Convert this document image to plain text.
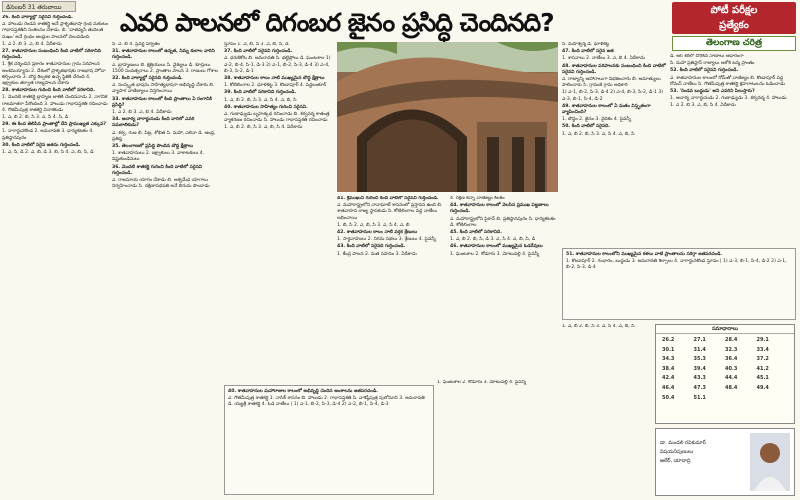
డిసెంబర్ 31 తరువాయి
ఎవరి పాలనలో దిగంబర జైనం ప్రసిద్ధి చెందినది?	పోటీ పరీక్షల
ప్రత్యేకం
తెలంగాణ చరిత్ర

26. కింది వాక్యాల్లో సరైనవి గుర్తించండి.

ఎ. హాలుడు రెండవ శాతకర్ణి అనే ప్రాకృతభాషా గ్రంథ మకుటం గాథాసప్తశతిని సంకలనం చేశాడు. బి. 'దాతవ్యసి తుదిలత సుఖం' అనే గ్రంథం ఆంధ్రుల పాలనలో వెలువడింది.

1. ఎ 2. బి 3. ఎ, బి 4. ఏదీకాదు

27. శాతవాహనుల సంబంధించి కింది వాటిలో సరికానిది గుర్తించండి.

1. శ్రీక దర్శించిన ప్రకారం శాతవాహనుల గ్రామ పరిపాలన అంశమయ్యాను 2. దేశంలో ప్రాకృతభాషకు రాజభాష హోదా కల్పించారు 3. బౌద్ధ శిల్పకళ ఉచ్ఛ స్థితికి చేరింది 4. ఇక్ష్వాకుల తర్వాత రాజ్యపాలన చేశారు

28. శాతవాహనుల గురించి కింది వాటిలో సరికానిది.

1. మొదటి శాతకర్ణి బ్రాహ్మణ జాతికి చెందినవాడు 2. నాగనిక రాజమాతగా పేరొందింది 3. హాలుడు గాథాసప్తశతి రచించాడు 4. గౌతమీపుత్ర శాతకర్ణి వినాశకుడు

1. ఎ, బి 2. బి, సి 3. ఎ, సి 4. సి, డి

29. ఈ కింద తెలిపిన ప్రాంతాల్లో దేని ప్రాముఖ్యత ఎక్కువ?

1. నాగార్జునకొండ 2. అమరావతి 3. ధాన్యకటకం 4. ప్రతిష్ఠానపురం

30. కింది వాటిలో సరైన జతను గుర్తించండి.

1. ఎ, సి, డి 2. ఎ, బి, డి 3. బి, సి 4. ఎ, బి, సి, డి

సి. ఎ. బి 4. ప్రవర్ణ పర్వతం

31. శాతవాహనుల కాలంలో ఉన్నత, నిమ్న కులాల వారిని గుర్తించండి.

ఎ. బ్రాహ్మణులు బి. క్షత్రియులు సి. వైశ్యులు డి. శూద్రులు 1500 సంవత్సరాలు 2. ప్రాంతాల పాలన 3. రాణులు గోశాల

32. కింది వాక్యాల్లో సరైనది గుర్తించండి.

ఎ. సంస్కృత భాషను సాహిత్యభాషగా అభివృద్ధి చేశారు బి. వ్యాపార వాణిజ్యాలు విస్తరించాయి

33. శాతవాహనుల కాలంలో కింది ప్రాంతాలు ఏ రంగానికి ప్రసిద్ధి?

1. ఎ 2. బి 3. ఎ, బి 4. ఏదీకాదు

34. ఆచార్య నాగార్జునుడు కింది వారిలో ఎవరి సమకాలికుడు?

ఎ. శర్వ, గుణ బి. పిట్ర, శోభిత సి. మహా, ఎలినా డి. ఆంధ్ర, ప్రతిష్ఠ

35. తెలంగాణలో ప్రసిద్ధి పొందిన బౌద్ధ క్షేత్రాలు

1. శాతవాహనులు 2. ఇక్ష్వాకులు 3. వాకాటకులు 4. విష్ణుకుండినులు

36. మొదటి శాతకర్ణి గురించి కింది వాటిలో సరైనవి గుర్తించండి.

ఎ. రాజసూయ యాగం చేశాడు బి. అశ్వమేధ యాగాలు నిర్వహించాడు సి. దక్షిణాపథపతి అనే బిరుదు పొందాడు

స్తూపం 1. ఎ, బి, సి 3. ఎ, బి, సి, డి

37. కింది వాటిలో సరైనవి గుర్తించండి.

ఎ. ధరణికోట బి. అమరావతి సి. భట్టిప్రోలు డి. ఘంటశాల 1) ఎ-2, బి-4, సి-1, డి-3 2) ఎ-1, బి-2, సి-3, డి-4 3) ఎ-4, బి-3, సి-2, డి-1

38. శాతవాహనుల కాలం నాటి ముఖ్యమైన బౌద్ధ క్షేత్రాలు

1. కోటిలింగాల 2. ధూళికట్ట 3. కొండాపూర్ 4. పెద్దబంకూర్

39. కింది వాటిలో సరికానిది గుర్తించండి.

1. ఎ, బి 2. బి, సి 3. ఎ, సి 4. ఎ, బి, సి

40. శాతవాహనుల సాహిత్యం గురించి సరైనవి.

ఎ. గుణాఢ్యుడు బృహత్కథ రచించాడు బి. శర్వవర్మ కాతంత్ర వ్యాకరణం రచించాడు సి. హాలుడు గాథాసప్తశతి రచించాడు

1. ఎ, బి 2. బి, సి 3. ఎ, బి, సి 4. ఏదీకాదు

41. శ్రీముఖుని గురించి కింది వాటిలో సరైనవి గుర్తించండి.

ఎ. మహారాష్ట్రలోని నానాఘాట్ శాసనంలో ప్రస్తావన ఉంది బి. శాతవాహన రాజ్య స్థాపకుడు సి. కోటిలింగాల వద్ద నాణేలు లభించాయి

1. బి, సి 2. ఎ, బి, సి 3. ఎ, సి 4. ఎ, బి

42. శాతవాహనుల కాలం నాటి వర్తక శ్రేణులు

1. సార్థవాహులు 2. నిగమ సభలు 3. శ్రేణులు 4. పైవన్నీ

43. కింది వాటిలో సరైనది గుర్తించండి.

1. కేంద్ర పాలన 2. మత సహనం 3. ఏదీకాదు

4. రక్షణ కన్నా వాణిజ్యం కీలకం

44. శాతవాహనుల కాలంలో వెలసిన ప్రముఖ పట్టణాలు గుర్తించండి.

ఎ. మహారాష్ట్రలోని పైఠాన్ బి. ప్రతిష్ఠానపురం సి. ధాన్యకటకం డి. కోటిలింగాల

45. కింది వాటిలో సరికానిది.

1. ఎ, బి 2. బి, సి, డి 3. ఎ, సి 4. ఎ, బి, సి, డి

46. శాతవాహనుల కాలంలో ముఖ్యమైన ఓడరేవులు

1. ఘంటశాల 2. కోడూరు 3. మోటుపల్లి 4. పైవన్నీ

సి. మహేశ్వర్మ డి. ధూళికట్ట

47. కింది వాటిలో సరైన జత

1. శాసనాలు 2. నాణేలు 3. ఎ, బి 4. ఏదీకాదు

48. శాతవాహనుల పరిపాలనకు సంబంధించి కింది వాటిలో సరైనవి గుర్తించండి.

ఎ. రాజ్యాన్ని ఆహారాలుగా విభజించారు బి. అమాత్యులు పాలించారు సి. గ్రామణి గ్రామ అధికారి

1) ఎ-1, బి-2, సి-3, డి-4 2) ఎ-4, బి-3, సి-2, డి-1 3) ఎ-3, బి-1, సి-4, డి-2

49. శాతవాహనుల కాలంలో ఏ మతం విస్తృతంగా వ్యాపించింది?

1. బౌద్ధం 2. జైనం 3. వైదికం 4. పైవన్నీ

50. కింది వాటిలో సరైనది.

1. ఎ, బి 2. బి, సి 3. ఎ, సి 4. ఎ, బి, సి

డి. ఆర్ శేరీలో దొరికిన నాణాలు ఆధారంగా

సి. మహా ప్రతిష్ఠాన్ రాజ్యాలు ఆశోక జన్మ ప్రాంతం

52. కింది వాటిలో సరైనవి గుర్తించండి.

ఎ. శాతవాహనుల కాలంలో రోమ్‌తో వాణిజ్యం బి. కొండాపూర్ వద్ద రోమన్ నాణేలు సి. గౌతమీపుత్ర శాతకర్ణి క్షహరాటులను ఓడించాడు

53. 'రెండవ బుద్ధుడు' అని ఎవరిని పిలుస్తారు?

1. ఆచార్య నాగార్జునుడు 2. గుణాఢ్యుడు 3. శర్వవర్మ 4. హాలుడు

1. ఎ 2. బి 3. ఎ, బి, సి 4. ఏదీకాదు

51. శాతవాహనుల కాలంలోని ముఖ్యమైన కళలు వాటి ప్రాంతాలను సరిగ్గా జతపరచండి.

1. కొండాపూర్ 2. గంధారం, బుద్ధుడు 3. అమరావతి శిల్పాలు 4. నాగార్జునకొండ స్తూపం | 1) ఎ-3, బి-1, సి-4, డి-2 2) ఎ-1, బి-2, సి-3, డి-4

40. శాతవాహనుల మహారాజుల కాలంలో అభివృద్ధి చెందిన అంశాలను జతపరచండి.

ఎ. గౌతమీపుత్ర శాతకర్ణి 1. నాసిక్ శాసనం బి. హాలుడు 2. గాథాసప్తశతి సి. వాశిష్ఠీపుత్ర పులోమావి 3. అమరావతి డి. యజ్ఞశ్రీ శాతకర్ణి 4. ఓడ నాణేలు | 1) ఎ-1, బి-2, సి-3, డి-4 2) ఎ-2, బి-1, సి-4, డి-3

1. ఘంటశాల 2. కోడూరు 3. మోటుపల్లి 4. పైవన్నీ

1. ఎ, బి 2. బి, సి 3. ఎ, సి 4. ఎ, బి, సి	సమాధానాలు
26.2	27.1	28.4	29.1
30.1	31.4	32.3	33.4
34.3	35.3	36.4	37.2
38.4	39.4	40.3	41.2
42.4	43.3	44.4	45.1
46.4	47.3	48.4	49.4
50.4	51.1
డా. మండలి రవికుమార్
విషయనిపుణులు
ఆలేర్, యాదాద్రి
